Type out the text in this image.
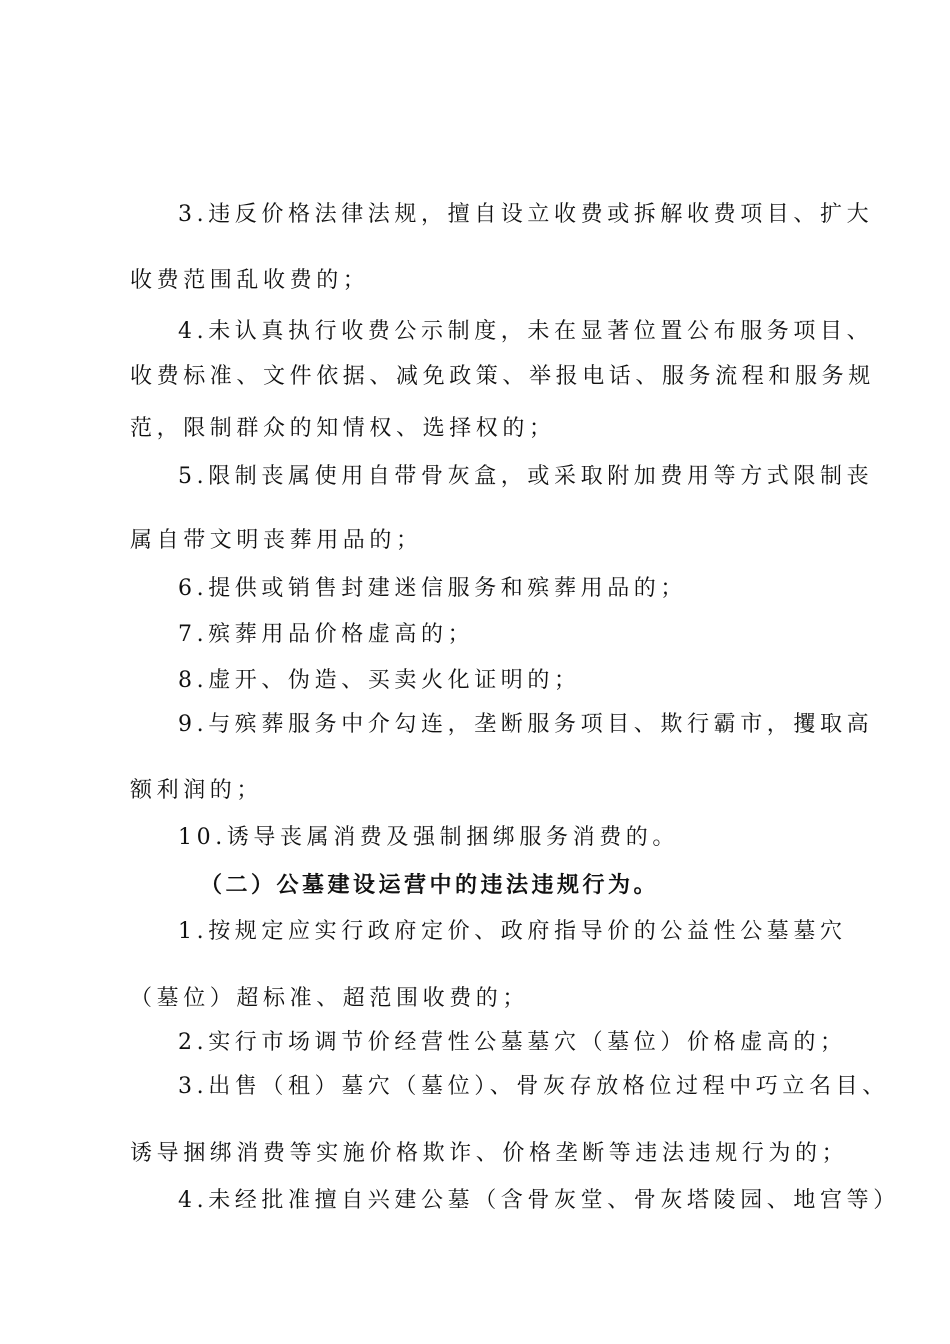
3.违反价格法律法规，擅自设立收费或拆解收费项目、扩大
收费范围乱收费的；
4.未认真执行收费公示制度，未在显著位置公布服务项目、
收费标准、文件依据、减免政策、举报电话、服务流程和服务规
范，限制群众的知情权、选择权的；
5.限制丧属使用自带骨灰盒，或采取附加费用等方式限制丧
属自带文明丧葬用品的；
6.提供或销售封建迷信服务和殡葬用品的；
7.殡葬用品价格虚高的；
8.虚开、伪造、买卖火化证明的；
9.与殡葬服务中介勾连，垄断服务项目、欺行霸市，攫取高
额利润的；
10.诱导丧属消费及强制捆绑服务消费的。
（二）公墓建设运营中的违法违规行为。
1.按规定应实行政府定价、政府指导价的公益性公墓墓穴
（墓位）超标准、超范围收费的；
2.实行市场调节价经营性公墓墓穴（墓位）价格虚高的；
3.出售（租）墓穴（墓位）、骨灰存放格位过程中巧立名目、
诱导捆绑消费等实施价格欺诈、价格垄断等违法违规行为的；
4.未经批准擅自兴建公墓（含骨灰堂、骨灰塔陵园、地宫等）
